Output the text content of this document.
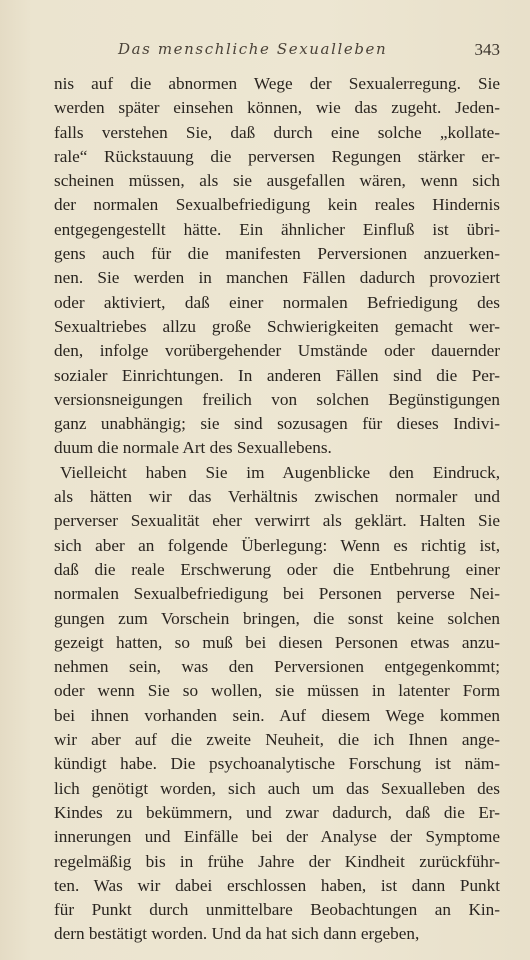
Das menschliche Sexualleben	343
nis auf die abnormen Wege der Sexualerregung. Sie
werden später einsehen können, wie das zugeht. Jeden-
falls verstehen Sie, daß durch eine solche „kollate-
rale“ Rückstauung die perversen Regungen stärker er-
scheinen müssen, als sie ausgefallen wären, wenn sich
der normalen Sexualbefriedigung kein reales Hindernis
entgegengestellt hätte. Ein ähnlicher Einfluß ist übri-
gens auch für die manifesten Perversionen anzuerken-
nen. Sie werden in manchen Fällen dadurch provoziert
oder aktiviert, daß einer normalen Befriedigung des
Sexualtriebes allzu große Schwierigkeiten gemacht wer-
den, infolge vorübergehender Umstände oder dauernder
sozialer Einrichtungen. In anderen Fällen sind die Per-
versionsneigungen freilich von solchen Begünstigungen
ganz unabhängig; sie sind sozusagen für dieses Indivi-
duum die normale Art des Sexuallebens.
Vielleicht haben Sie im Augenblicke den Eindruck,
als hätten wir das Verhältnis zwischen normaler und
perverser Sexualität eher verwirrt als geklärt. Halten Sie
sich aber an folgende Überlegung: Wenn es richtig ist,
daß die reale Erschwerung oder die Entbehrung einer
normalen Sexualbefriedigung bei Personen perverse Nei-
gungen zum Vorschein bringen, die sonst keine solchen
gezeigt hatten, so muß bei diesen Personen etwas anzu-
nehmen sein, was den Perversionen entgegenkommt;
oder wenn Sie so wollen, sie müssen in latenter Form
bei ihnen vorhanden sein. Auf diesem Wege kommen
wir aber auf die zweite Neuheit, die ich Ihnen ange-
kündigt habe. Die psychoanalytische Forschung ist näm-
lich genötigt worden, sich auch um das Sexualleben des
Kindes zu bekümmern, und zwar dadurch, daß die Er-
innerungen und Einfälle bei der Analyse der Symptome
regelmäßig bis in frühe Jahre der Kindheit zurückführ-
ten. Was wir dabei erschlossen haben, ist dann Punkt
für Punkt durch unmittelbare Beobachtungen an Kin-
dern bestätigt worden. Und da hat sich dann ergeben,
